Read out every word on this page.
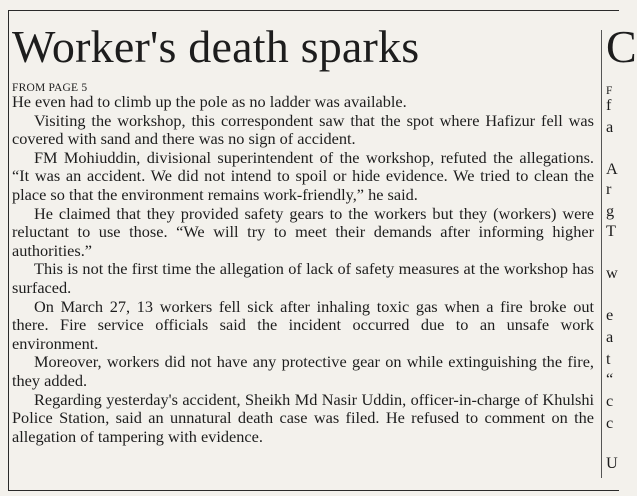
Worker's death sparks
FROM PAGE 5

He even had to climb up the pole as no ladder was available.

Visiting the workshop, this correspondent saw that the spot where Hafizur fell was covered with sand and there was no sign of accident.

FM Mohiuddin, divisional superintendent of the workshop, refuted the allegations. “It was an accident. We did not intend to spoil or hide evidence. We tried to clean the place so that the environment remains work-friendly,” he said.

He claimed that they provided safety gears to the workers but they (workers) were reluctant to use those. “We will try to meet their demands after informing higher authorities.”

This is not the first time the allegation of lack of safety measures at the workshop has surfaced.

On March 27, 13 workers fell sick after inhaling toxic gas when a fire broke out there. Fire service officials said the incident occurred due to an unsafe work environment.

Moreover, workers did not have any protective gear on while extinguishing the fire, they added.

Regarding yesterday's accident, Sheikh Md Nasir Uddin, officer-in-charge of Khulshi Police Station, said an unnatural death case was filed. He refused to comment on the allegation of tampering with evidence.

C
F
f
a
A
r
g
T
w
e
a
t
“
c
c
U
